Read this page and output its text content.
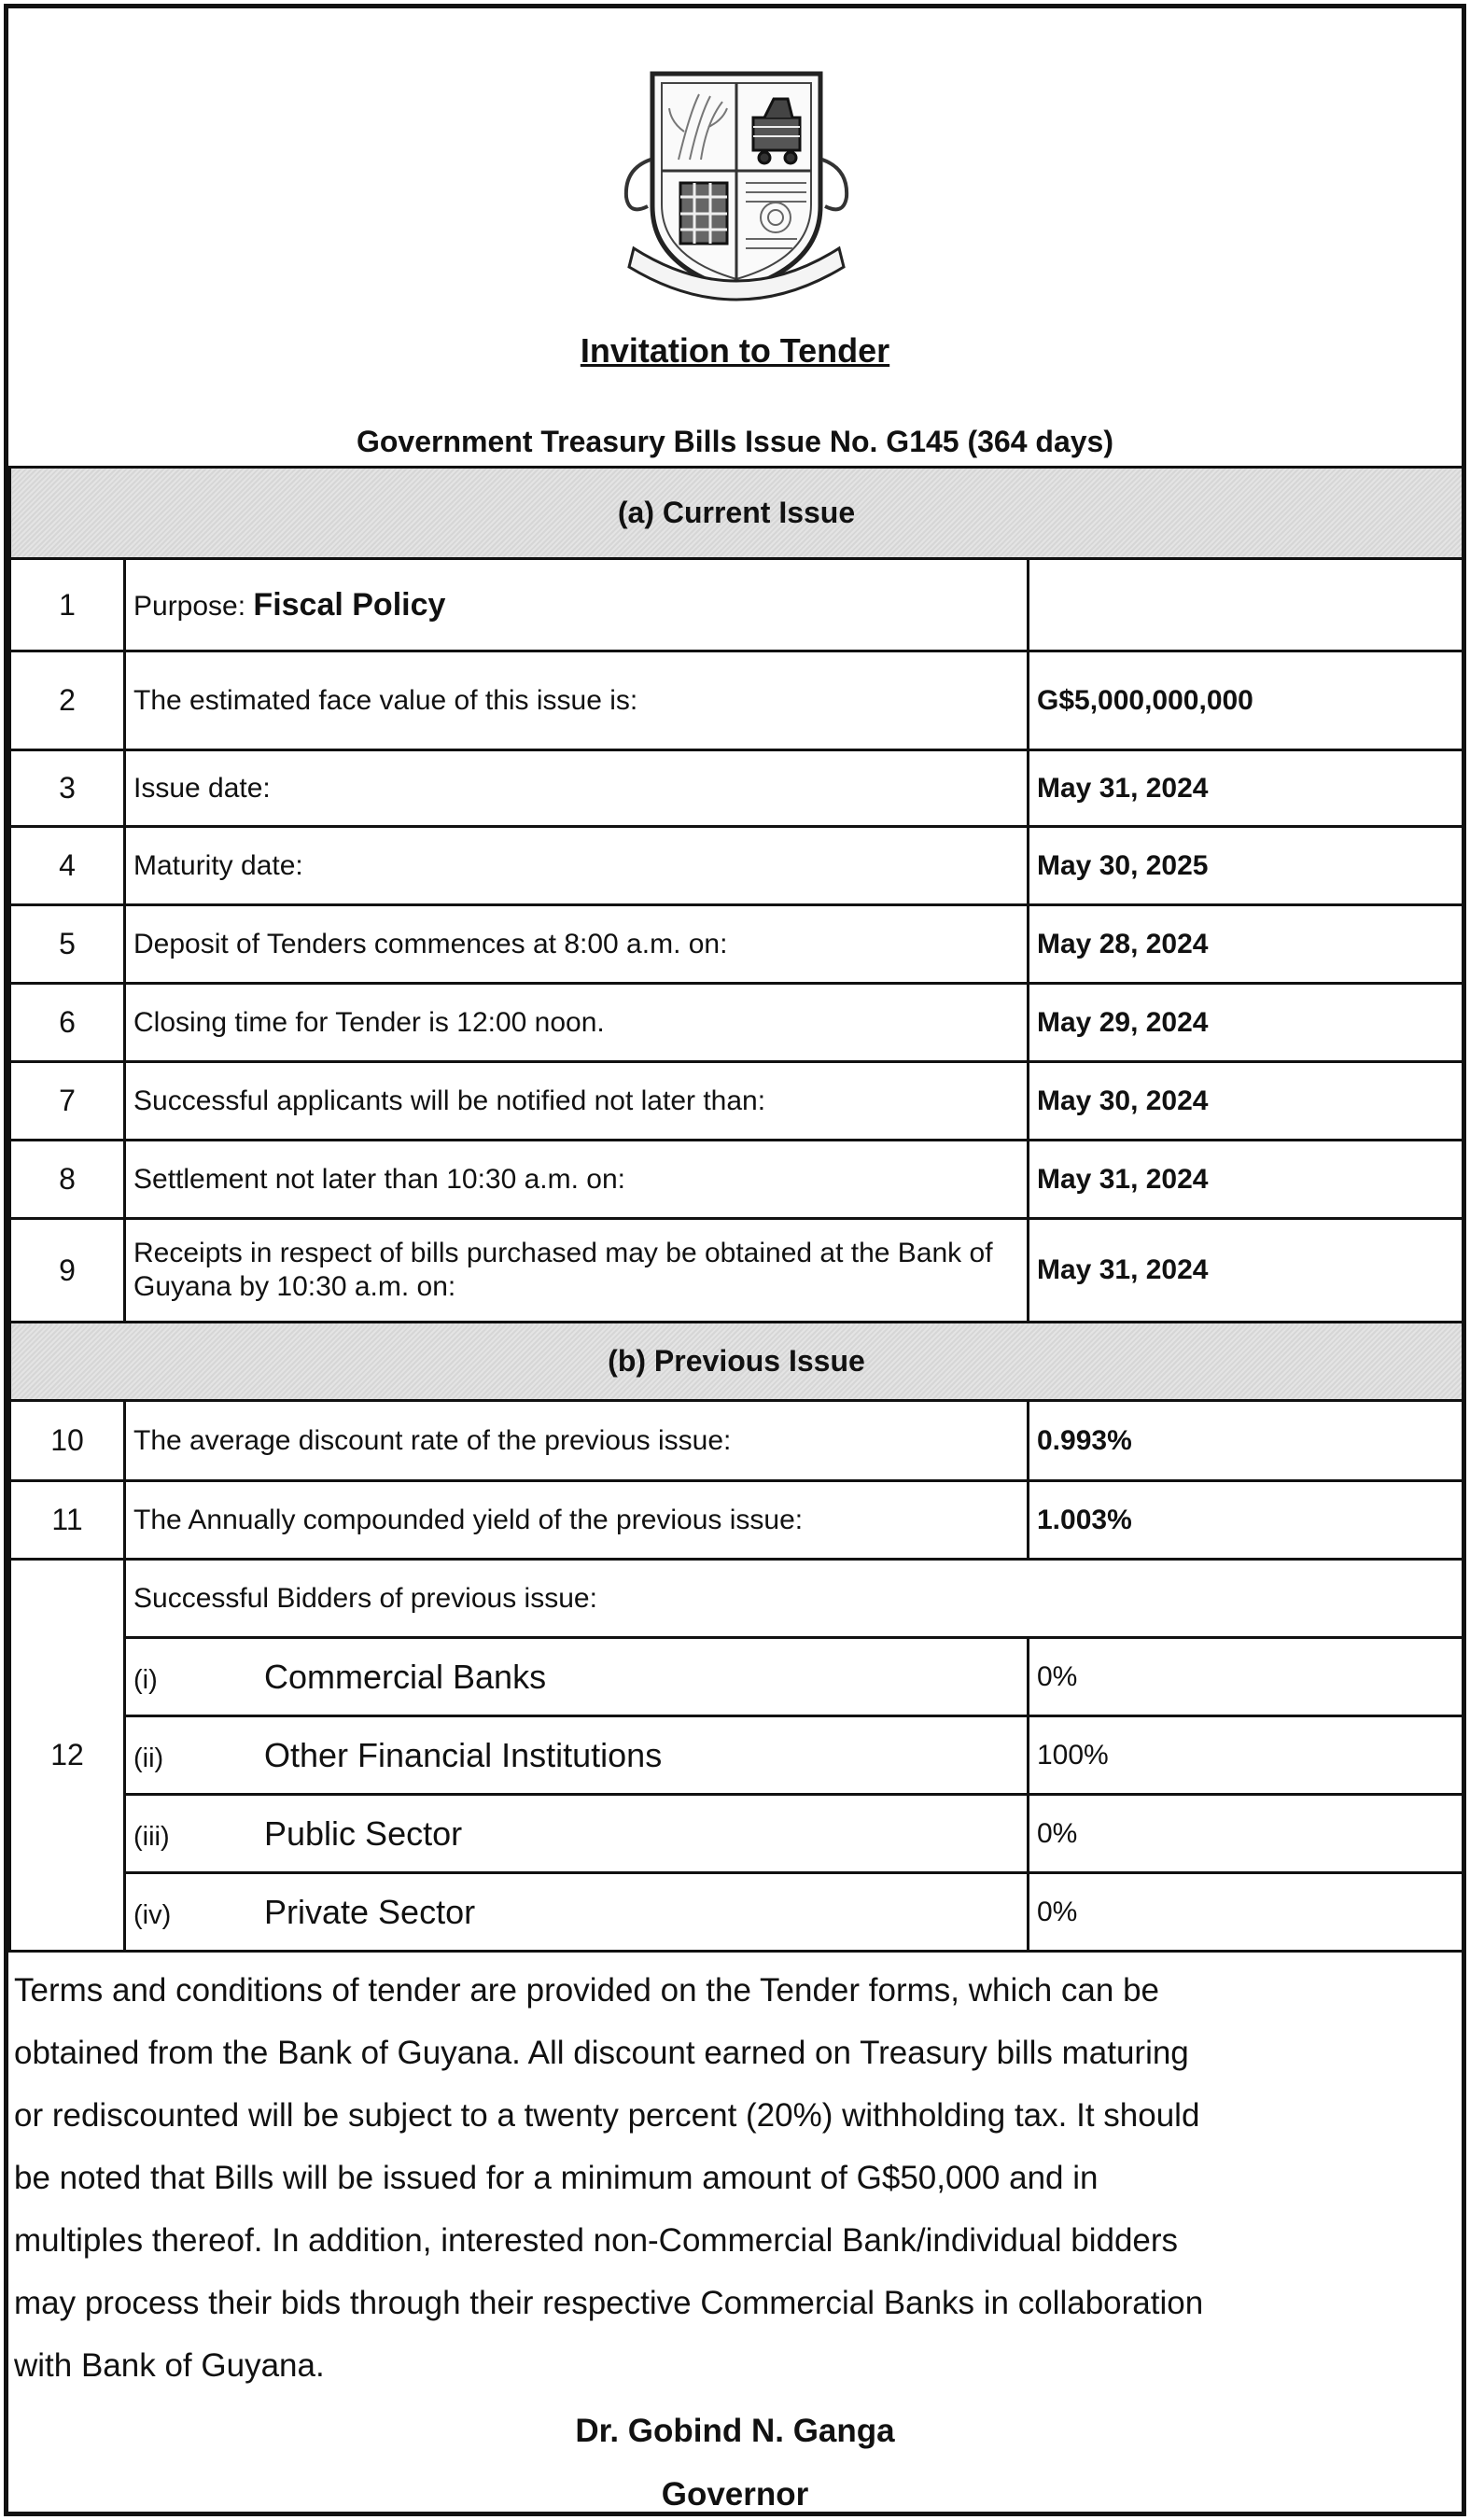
Invitation to Tender
Government Treasury Bills Issue No. G145 (364 days)
(a) Current Issue		
1	Purpose: Fiscal Policy	
2	The estimated face value of this issue is:	G$5,000,000,000
3	Issue date:	May 31, 2024
4	Maturity date:	May 30, 2025
5	Deposit of Tenders commences at 8:00 a.m. on:	May 28, 2024
6	Closing time for Tender is 12:00 noon.	May 29, 2024
7	Successful applicants will be notified not later than:	May 30, 2024
8	Settlement not later than 10:30 a.m. on:	May 31, 2024
9	Receipts in respect of bills purchased may be obtained at the Bank of Guyana by 10:30 a.m. on:	May 31, 2024
(b) Previous Issue		
10	The average discount rate of the previous issue:	0.993%
11	The Annually compounded yield of the previous issue:	1.003%
12	Successful Bidders of previous issue:	
	(i) Commercial Banks	0%
	(ii) Other Financial Institutions	100%
	(iii) Public Sector	0%
	(iv) Private Sector	0%
Terms and conditions of tender are provided on the Tender forms, which can be
obtained from the Bank of Guyana. All discount earned on Treasury bills maturing
or rediscounted will be subject to a twenty percent (20%) withholding tax. It should
be noted that Bills will be issued for a minimum amount of G$50,000 and in
multiples thereof. In addition, interested non-Commercial Bank/individual bidders
may process their bids through their respective Commercial Banks in collaboration
with Bank of Guyana.
Dr. Gobind N. Ganga
Governor
